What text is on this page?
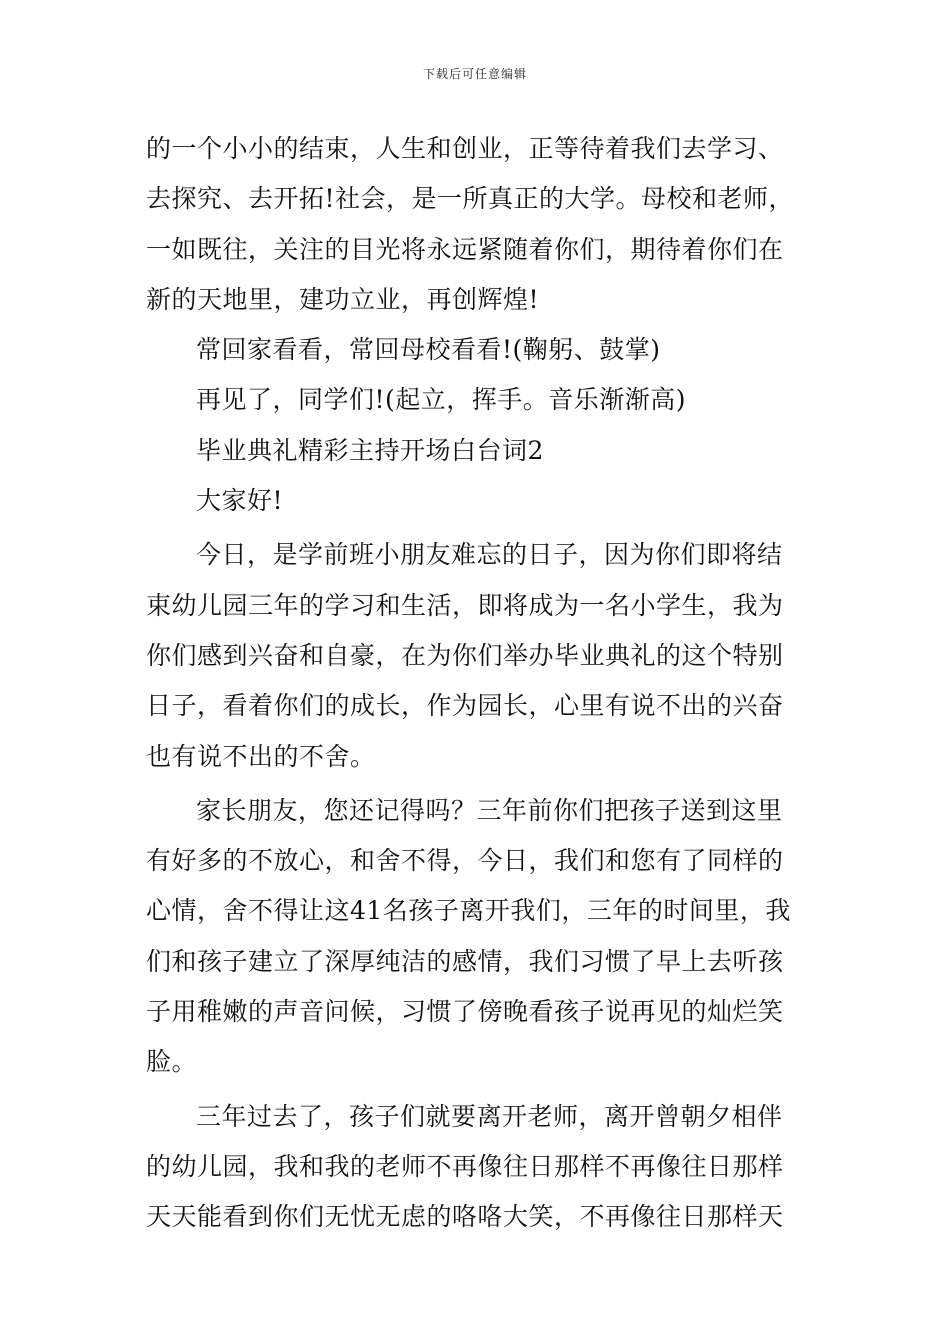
下载后可任意编辑
的一个小小的结束，人生和创业，正等待着我们去学习、
去探究、去开拓!社会，是一所真正的大学。母校和老师，
一如既往，关注的目光将永远紧随着你们，期待着你们在
新的天地里，建功立业，再创辉煌!
常回家看看，常回母校看看!(鞠躬、鼓掌)
再见了，同学们!(起立，挥手。音乐渐渐高)
毕业典礼精彩主持开场白台词2
大家好!
今日，是学前班小朋友难忘的日子，因为你们即将结
束幼儿园三年的学习和生活，即将成为一名小学生，我为
你们感到兴奋和自豪，在为你们举办毕业典礼的这个特别
日子，看着你们的成长，作为园长，心里有说不出的兴奋
也有说不出的不舍。
家长朋友，您还记得吗？三年前你们把孩子送到这里
有好多的不放心，和舍不得，今日，我们和您有了同样的
心情，舍不得让这41名孩子离开我们，三年的时间里，我
们和孩子建立了深厚纯洁的感情，我们习惯了早上去听孩
子用稚嫩的声音问候，习惯了傍晚看孩子说再见的灿烂笑
脸。
三年过去了，孩子们就要离开老师，离开曾朝夕相伴
的幼儿园，我和我的老师不再像往日那样不再像往日那样
天天能看到你们无忧无虑的咯咯大笑，不再像往日那样天
